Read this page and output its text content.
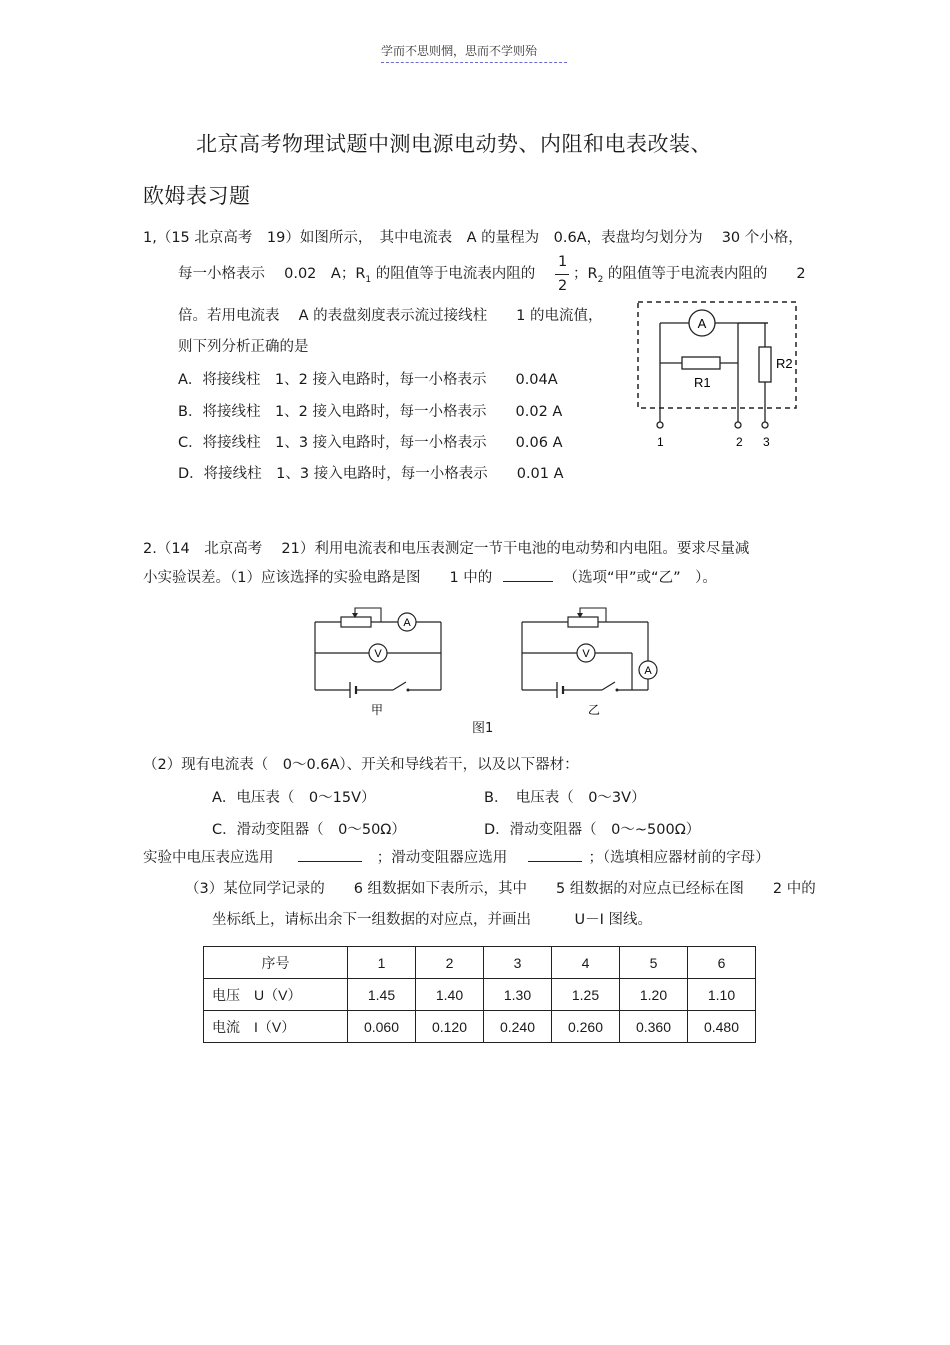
学而不思则惘，思而不学则殆
北京高考物理试题中测电源电动势、内阻和电表改装、
欧姆表习题
1,（15 北京高考　19）如图所示，　其中电流表　A 的量程为　0.6A，表盘均匀划分为　 30 个小格，
每一小格表示　 0.02　A；$R_1$ 的阻值等于电流表内阻的
1
2
；$R_2$ 的阻值等于电流表内阻的　　2
倍。若用电流表　 A 的表盘刻度表示流过接线柱　　1 的电流值，
则下列分析正确的是
A．将接线柱　1、2 接入电路时，每一小格表示　　0.04A
B．将接线柱　1、2 接入电路时，每一小格表示　　0.02 A
C．将接线柱　1、3 接入电路时，每一小格表示　　0.06 A
D．将接线柱　1、3 接入电路时，每一小格表示　　0.01 A
A
R1
R2
1	2 3
2.（14　北京高考　 21）利用电流表和电压表测定一节干电池的电动势和内电阻。要求尽量减
小实验误差。（1）应该选择的实验电路是图　　1 中的	（选项“甲”或“乙”　）。
A
V
甲
A
V
乙
图1
（2）现有电流表（　0～0.6A）、开关和导线若干，以及以下器材：
A．电压表（　0～15V）	B．　电压表（　0～3V）
C．滑动变阻器（　0～50Ω）	D．滑动变阻器（　0～~500Ω）
实验中电压表应选用	；滑动变阻器应选用	；（选填相应器材前的字母）
（3）某位同学记录的　　6 组数据如下表所示，其中　　5 组数据的对应点已经标在图　　2 中的
坐标纸上，请标出余下一组数据的对应点，并画出　　　U－I 图线。
序号	1	2	3	4	5	6
电压　U（V）	1.45	1.40	1.30	1.25	1.20	1.10
电流　I（V）	0.060	0.120	0.240	0.260	0.360	0.480
